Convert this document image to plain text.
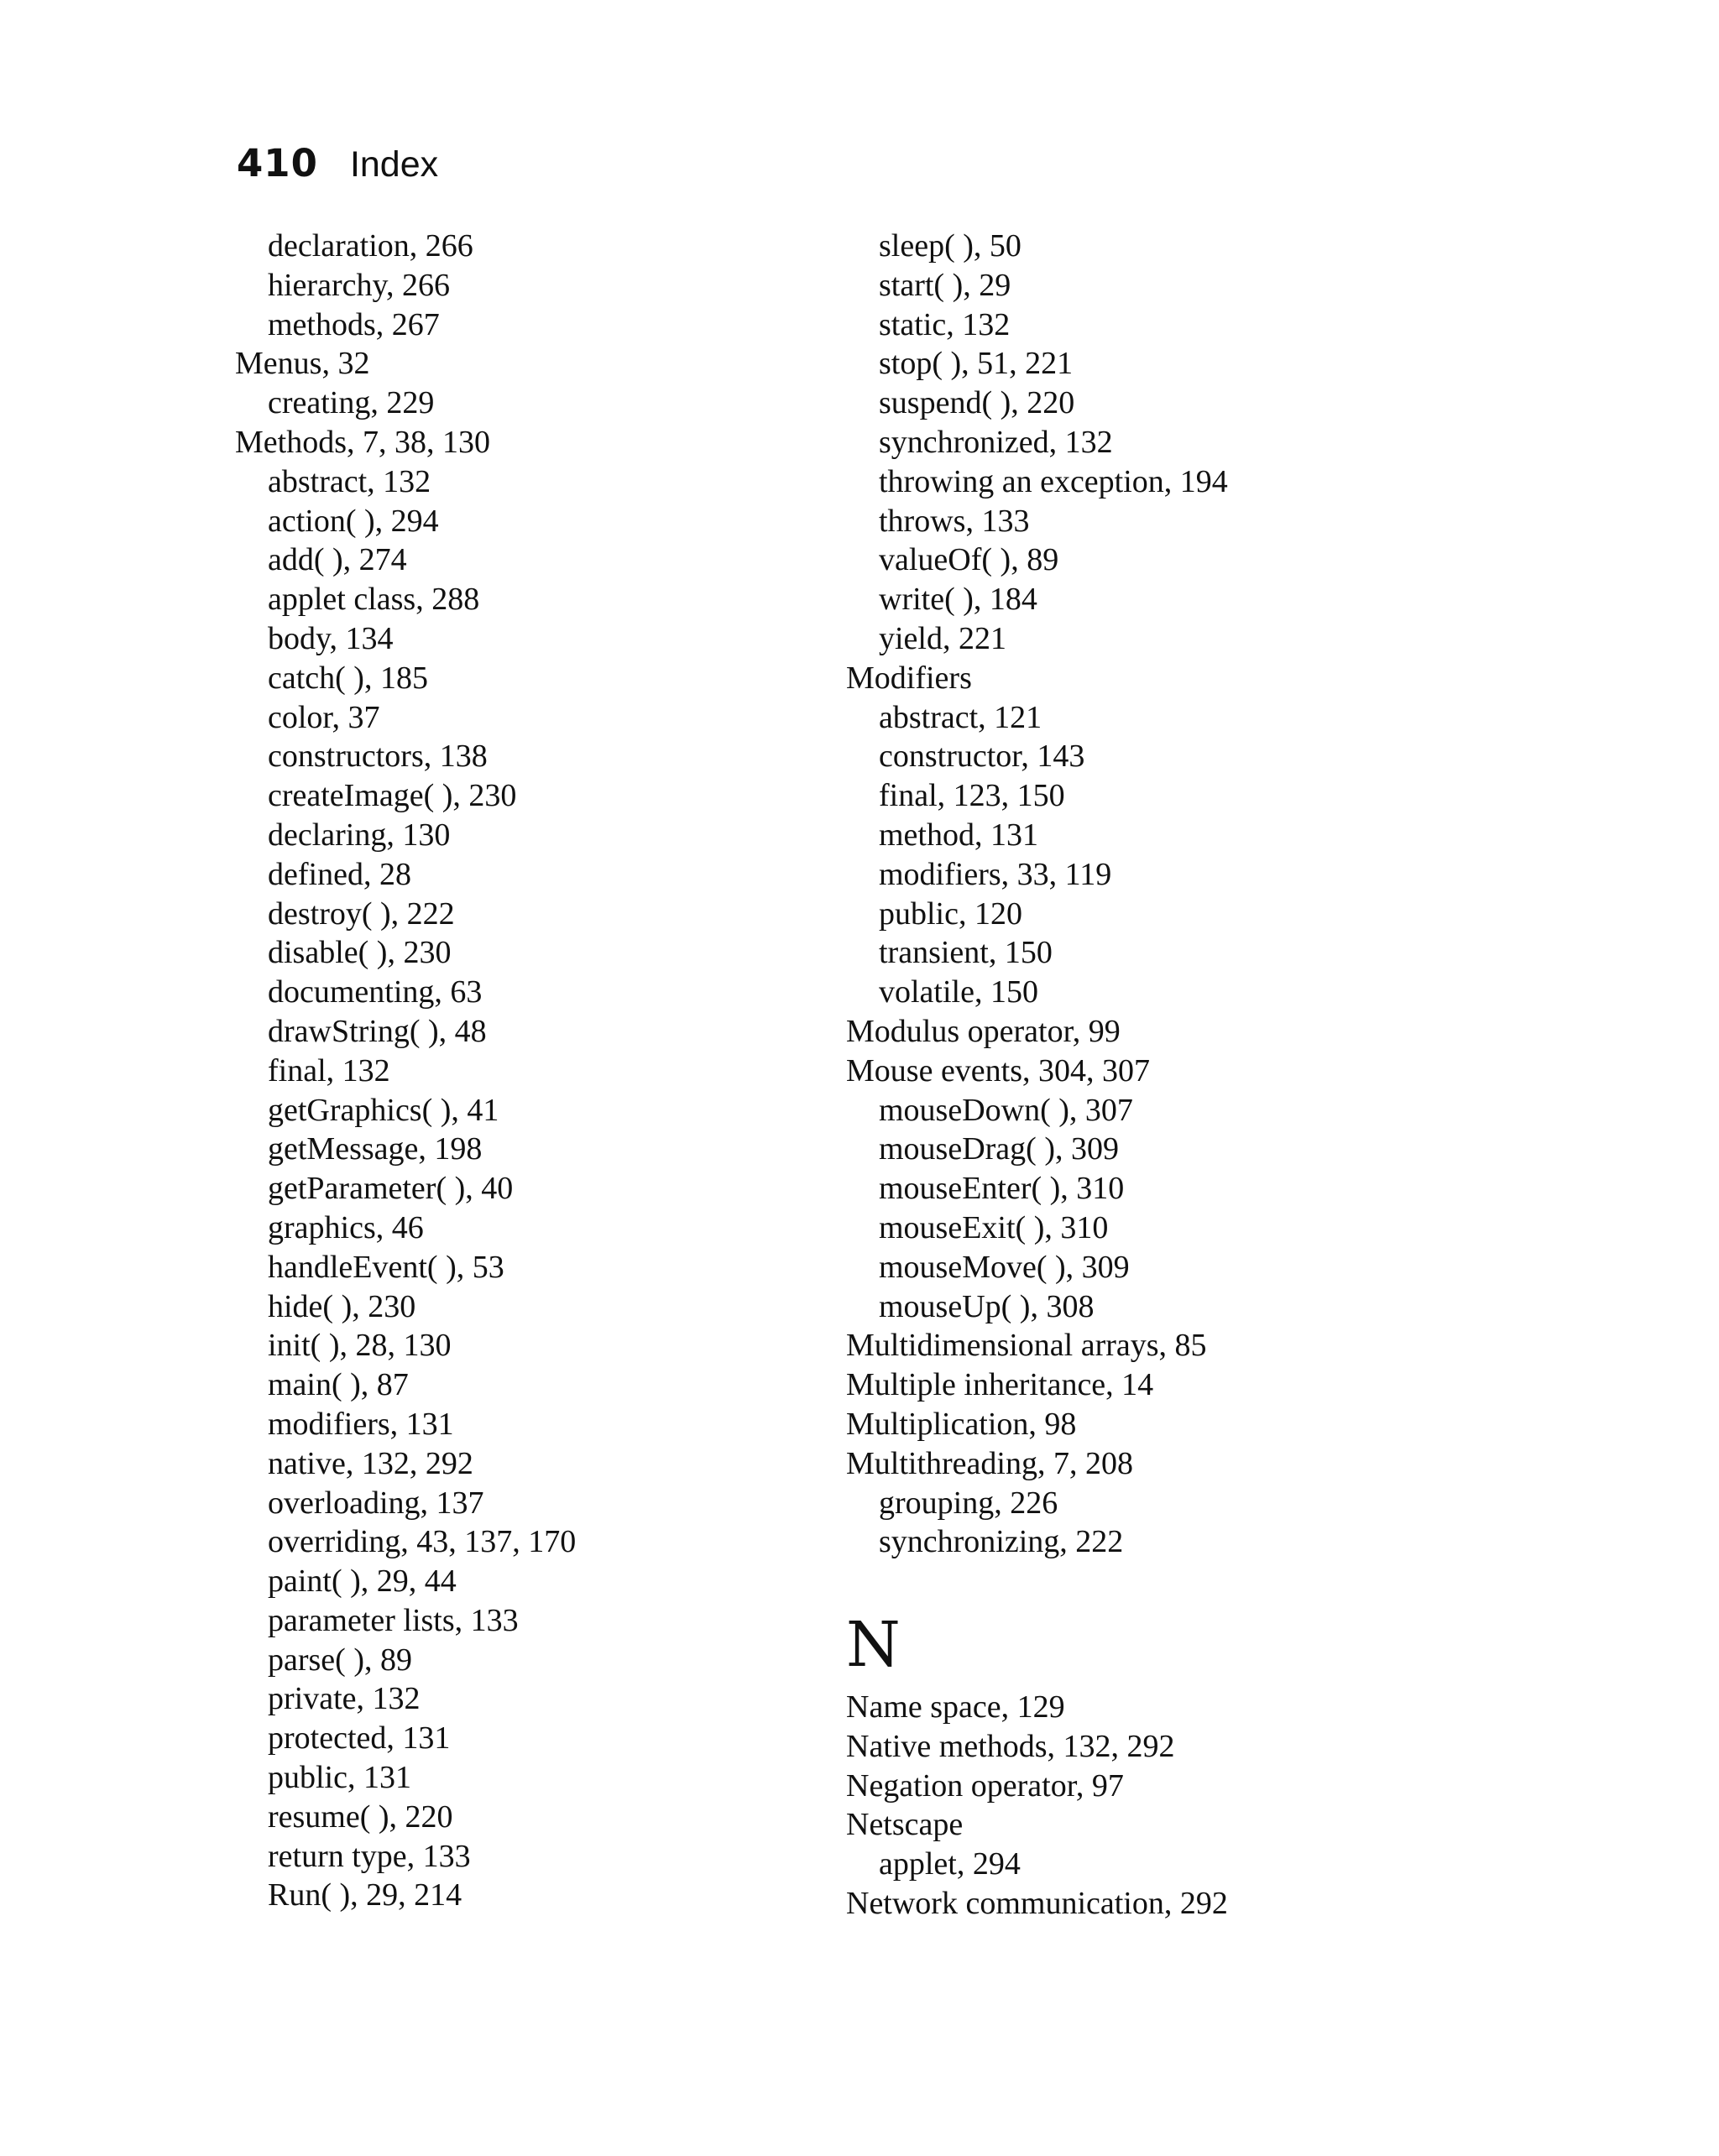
410 Index
declaration, 266
hierarchy, 266
methods, 267
Menus, 32
creating, 229
Methods, 7, 38, 130
abstract, 132
action( ), 294
add( ), 274
applet class, 288
body, 134
catch( ), 185
color, 37
constructors, 138
createImage( ), 230
declaring, 130
defined, 28
destroy( ), 222
disable( ), 230
documenting, 63
drawString( ), 48
final, 132
getGraphics( ), 41
getMessage, 198
getParameter( ), 40
graphics, 46
handleEvent( ), 53
hide( ), 230
init( ), 28, 130
main( ), 87
modifiers, 131
native, 132, 292
overloading, 137
overriding, 43, 137, 170
paint( ), 29, 44
parameter lists, 133
parse( ), 89
private, 132
protected, 131
public, 131
resume( ), 220
return type, 133
Run( ), 29, 214
sleep( ), 50
start( ), 29
static, 132
stop( ), 51, 221
suspend( ), 220
synchronized, 132
throwing an exception, 194
throws, 133
valueOf( ), 89
write( ), 184
yield, 221
Modifiers
abstract, 121
constructor, 143
final, 123, 150
method, 131
modifiers, 33, 119
public, 120
transient, 150
volatile, 150
Modulus operator, 99
Mouse events, 304, 307
mouseDown( ), 307
mouseDrag( ), 309
mouseEnter( ), 310
mouseExit( ), 310
mouseMove( ), 309
mouseUp( ), 308
Multidimensional arrays, 85
Multiple inheritance, 14
Multiplication, 98
Multithreading, 7, 208
grouping, 226
synchronizing, 222
N
Name space, 129
Native methods, 132, 292
Negation operator, 97
Netscape
applet, 294
Network communication, 292
